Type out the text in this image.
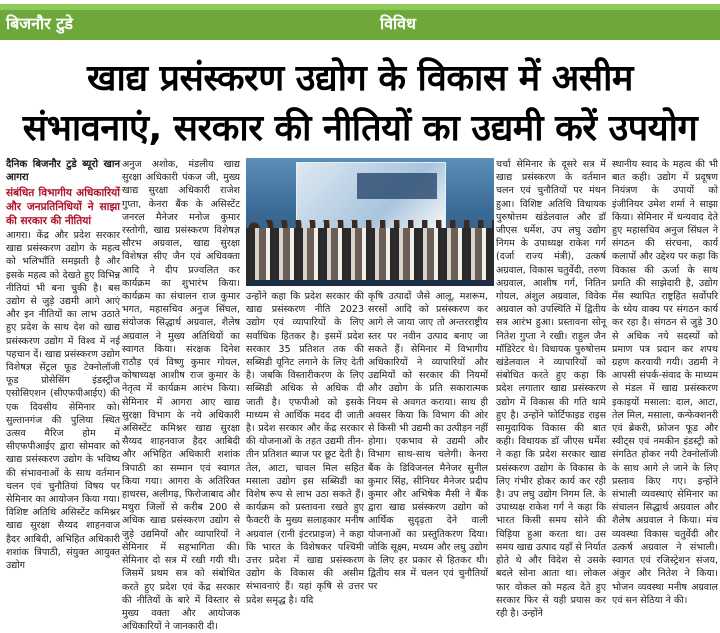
बिजनौर टुडे	विविध
खाद्य प्रसंस्करण उद्योग के विकास में असीम
संभावनाएं, सरकार की नीतियों का उद्यमी करें उपयोग

दैनिक बिजनौर टुडे ब्यूरो खान आगरा

संबंधित विभागीय अधिकारियों और जनप्रतिनिधियों ने साझा की सरकार की नीतियां

आगरा। केंद्र और प्रदेश सरकार खाद्य प्रसंस्करण उद्योग के महत्व को भलिभाँति समझती है और इसके महत्व को देखते हुए विभिन्न नीतियां भी बना चुकी है। बस उद्योग से जुड़े उद्यमी आगे आएं और इन नीतियों का लाभ उठाते हुए प्रदेश के साथ देश को खाद्य प्रसंस्करण उद्योग में विश्व में नई पहचान दें। खाद्य प्रसंस्करण उद्योग विशेषज्ञ सेंट्रल फूड टेक्नोलॉजी फूड प्रोसेसिंग इंडस्ट्रीज एसोसिएशन (सीएफपीआईए) की एक दिवसीय सेमिनार को। सुल्तानगंज की पुलिया स्थित उत्सव मैरिज होम में सीएफपीआईए द्वारा सोमवार को खाद्य प्रसंस्करण उद्योग के भविष्य की संभावनाओं के साथ वर्तमान चलन एवं चुनौतियां विषय पर सेमिनार का आयोजन किया गया। विशिष्ट अतिथि असिस्टेंट कमिश्नर खाद्य सुरक्षा सैय्यद शाहनवाज हैदर आबिदी, अभिहित अधिकारी शशांक त्रिपाठी, संयुक्त आयुक्त उद्योग

अनुज अशोक, मंडलीय खाद्य सुरक्षा अधिकारी पंकज जी, मुख्य खाद्य सुरक्षा अधिकारी राजेश गुप्ता, केनरा बैंक के असिस्टेंट जनरल मैनेजर मनोज कुमार रस्तोगी, खाद्य प्रसंस्करण विशेषज्ञ सौरभ अग्रवाल, खाद्य सुरक्षा विशेषज्ञ सीए जैन एवं अधिवक्ता आदि ने दीप प्रज्वलित कर कार्यक्रम का शुभारंभ किया। कार्यक्रम का संचालन राज कुमार भगत, महासचिव अनुज सिंघल, संयोजक सिद्धार्थ अग्रवाल, शैलेष अग्रवाल ने मुख्य अतिथियों का स्वागत किया। संरक्षक दिनेश राठौड़ एवं विष्णु कुमार गोयल, कोषाध्यक्ष आशीष राज कुमार के नेतृत्व में कार्यक्रम आरंभ किया। सेमिनार में आगरा आए खाद्य सुरक्षा विभाग के नये अधिकारी असिस्टेंट कमिश्नर खाद्य सुरक्षा सैय्यद शाहनवाज हैदर आबिदी और अभिहित अधिकारी शशांक त्रिपाठी का सम्मान एवं स्वागत किया गया। आगरा के अतिरिक्त हाथरस, अलीगढ़, फिरोजाबाद और मथुरा जिलों से करीब 200 से अधिक खाद्य प्रसंस्करण उद्योग से जुड़े उद्यमियों और व्यापारियों ने सेमिनार में सहभागिता की। सेमिनार दो सत्र में रखी गयी थी। जिसमें प्रथम सत्र को संबोधित करते हुए प्रदेश एवं केंद्र सरकार की नीतियों के बारे में विस्तार से मुख्य वक्ता और आयोजक अधिकारियों ने जानकारी दी।

उन्होंने कहा कि प्रदेश सरकार की खाद्य प्रसंस्करण नीति 2023 उद्योग एवं व्यापारियों के लिए सर्वाधिक हितकर है। इसमें प्रदेश सरकार 35 प्रतिशत तक की सब्सिडी यूनिट लगाने के लिए देती है। जबकि विस्तारीकरण के लिए सब्सिडी अधिक से अधिक दी जाती है। एफपीओ को इसके माध्यम से आर्थिक मदद दी जाती है। प्रदेश सरकार और केंद्र सरकार की योजनाओं के तहत उद्यमी तीन-तीन प्रतिशत ब्याज पर छूट देती है। तेल, आटा, चावल मिल सहित मसाला उद्योग इस सब्सिडी का विशेष रूप से लाभ उठा सकते हैं। कार्यक्रम को प्रस्तावना रखते हुए फैक्टरी के मुख्य सलाहकार मनीष अग्रवाल (रानी इंटरप्राइज) ने कहा कि भारत के विशेषकर पश्चिमी उत्तर प्रदेश में खाद्य प्रसंस्करण उद्योग के विकास की असीम संभावनाएं हैं। यहां कृषि से उत्तर प्रदेश समृद्ध है। यदि

कृषि उत्पादों जैसे आलू, मशरूम, सरसों आदि को प्रसंस्करण कर आगे ले जाया जाए तो अन्तरराष्ट्रीय स्तर पर नवीन उत्पाद बनाए जा सकते हैं। सेमिनार में विभागीय अधिकारियों ने व्यापारियों और उद्यमियों को सरकार की नियमों और उद्योग के प्रति सकारात्मक नियम से अवगत कराया। साथ ही अवसर किया कि विभाग की ओर से किसी भी उद्यमी का उत्पीड़न नहीं होगा। एकभाव से उद्यमी और विभाग साथ-साथ चलेगी। केनरा बैंक के डिविजनल मैनेजर सुनील कुमार सिंह, सीनियर मैनेजर प्रदीप कुमार और अभिषेक मैसी ने बैंक द्वारा खाद्य प्रसंस्करण उद्योग को आर्थिक सुदृढ़ता देने वाली योजनाओं का प्रस्तुतिकरण दिया। जोकि सूक्ष्म, मध्यम और लघु उद्योग के लिए हर प्रकार से हितकर थी। द्वितीय सत्र में चलन एवं चुनौतियों पर

चर्चा सेमिनार के दूसरे सत्र में खाद्य प्रसंस्करण के वर्तमान चलन एवं चुनौतियों पर मंथन हुआ। विशिष्ट अतिथि विधायक पुरुषोत्तम खंडेलवाल और डॉ जीएस धर्मेश, उप लघु उद्योग निगम के उपाध्यक्ष राकेश गर्ग (दर्जा राज्य मंत्री), उत्कर्ष अग्रवाल, विकास चतुर्वेदी, तरुण अग्रवाल, आशीष गर्ग, नितिन गोयल, अंशुल अग्रवाल, विवेक अग्रवाल को उपस्थिति में द्वितीय सत्र आरंभ हुआ। प्रस्तावना सोनू नितेश गुप्ता ने रखी। राहुल जैन मॉडिरेटर थे। विधायक पुरुषोत्तम खंडेलवाल ने व्यापारियों को संबोधित करते हुए कहा कि प्रदेश लगातार खाद्य प्रसंस्करण उद्योग में विकास की गति थामे हुए है। उन्होंने फोर्टिफाइड राइस सामुदायिक विकास की बात कही। विधायक डॉ जीएस धर्मेश ने कहा कि प्रदेश सरकार खाद्य प्रसंस्करण उद्योग के विकास के लिए गंभीर होकर कार्य कर रही है। उप लघु उद्योग निगम लि. के उपाध्यक्ष राकेश गर्ग ने कहा कि भारत किसी समय सोने की चिड़िया हुआ करता था। उस समय खाद्य उत्पाद यहाँ से निर्यात होते थे और विदेश से उसके बदले सोना आता था। लोकल फार वोकल को महत्व देते हुए सरकार फिर से यही प्रयास कर रही है। उन्होंने

स्थानीय स्वाद के महत्व की भी बात कही। उद्योग में प्रदूषण नियंत्रण के उपायों को इंजीनियर उमेश शर्मा ने साझा किया। सेमिनार में धन्यवाद देते हुए महासचिव अनुज सिंघल ने संगठन की संरचना, कार्य कलापों और उद्देश्य पर कहा कि विकास की ऊर्जा के साथ प्रगति की साझेदारी है, उद्योग मेंस स्थापित राष्ट्रहित सर्वोपरि के ध्येय वाक्य पर संगठन कार्य कर रहा है। संगठन से जुड़े 30 से अधिक नये सदस्यों को प्रमाण पत्र प्रदान कर शपथ ग्रहण करवायी गयी। उद्यमी ने आपसी संपर्क-संवाद के माध्यम से मंडल में खाद्य प्रसंस्करण इकाइयों मसाला: दाल, आटा, तेल मिल, मसाला, कन्फेक्शनरी एवं ब्रेकरी, फ्रोजन फूड और स्वीट्स एवं नमकीन इंडस्ट्री को संगठित होकर नयी टेक्नोलॉजी के साथ आगे ले जाने के लिए प्रस्ताव किए गए। इन्होंने संभाली व्यवस्थाएं सेमिनार का संचालन सिद्धार्थ अग्रवाल और शैलेष अग्रवाल ने किया। मंच व्यवस्था विकास चतुर्वेदी और उत्कर्ष अग्रवाल ने संभाली। स्वागत एवं रजिस्ट्रेशन संजय, अंकुर और नितेश ने किया। भोजन व्यवस्था मनीष अग्रवाल एवं सन सेठिया ने की।
